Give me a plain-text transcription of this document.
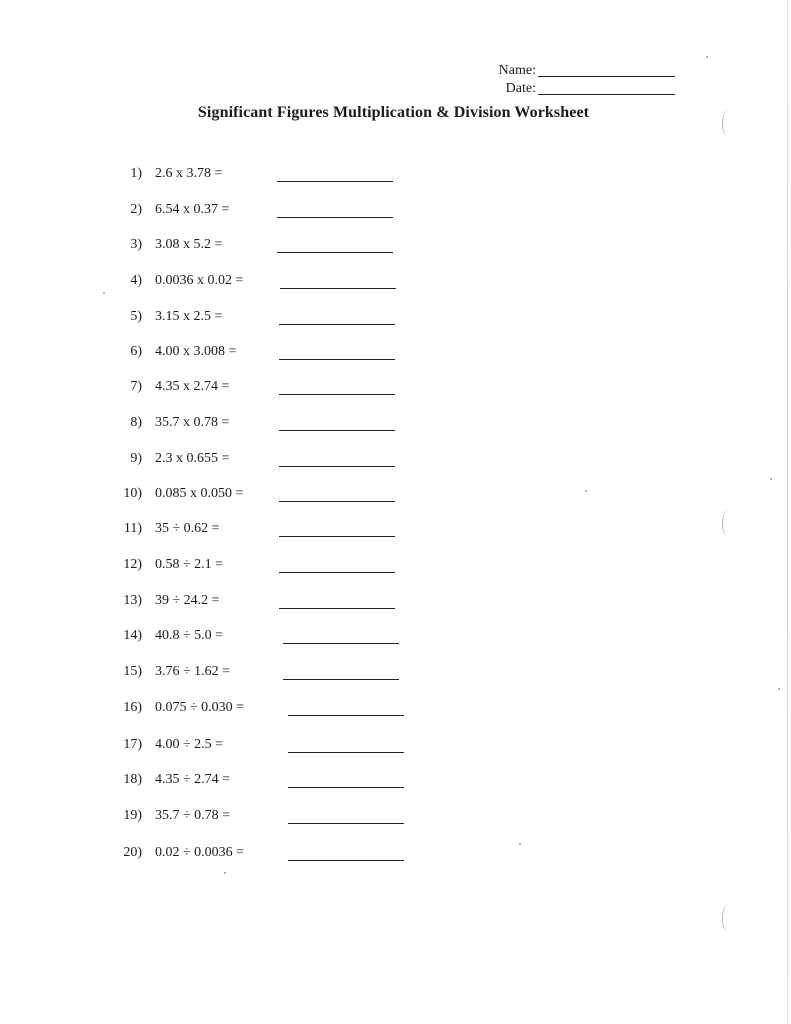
Name:
Date:
Significant Figures Multiplication & Division Worksheet
1) 2.6 x 3.78 =
2) 6.54 x 0.37 =
3) 3.08 x 5.2 =
4) 0.0036 x 0.02 =
5) 3.15 x 2.5 =
6) 4.00 x 3.008 =
7) 4.35 x 2.74 =
8) 35.7 x 0.78 =
9) 2.3 x 0.655 =
10) 0.085 x 0.050 =
11) 35 ÷ 0.62 =
12) 0.58 ÷ 2.1 =
13) 39 ÷ 24.2 =
14) 40.8 ÷ 5.0 =
15) 3.76 ÷ 1.62 =
16) 0.075 ÷ 0.030 =
17) 4.00 ÷ 2.5 =
18) 4.35 ÷ 2.74 =
19) 35.7 ÷ 0.78 =
20) 0.02 ÷ 0.0036 =
